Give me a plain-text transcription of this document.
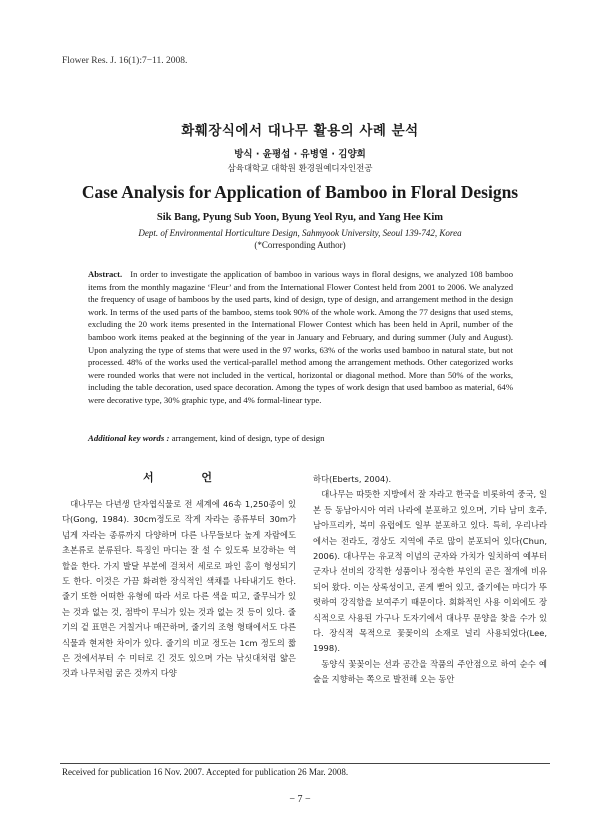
Flower Res. J. 16(1):7−11. 2008.
화훼장식에서 대나무 활용의 사례 분석
방식 · 윤평섭 · 유병열 · 김양희
삼육대학교 대학원 환경원예디자인전공
Case Analysis for Application of Bamboo in Floral Designs
Sik Bang, Pyung Sub Yoon, Byung Yeol Ryu, and Yang Hee Kim
Dept. of Environmental Horticulture Design, Sahmyook University, Seoul 139-742, Korea
(*Corresponding Author)
Abstract. In order to investigate the application of bamboo in various ways in floral designs, we analyzed 108 bamboo items from the monthly magazine ‘Fleur’ and from the International Flower Contest held from 2001 to 2006. We analyzed the frequency of usage of bamboos by the used parts, kind of design, type of design, and arrangement method in the design work. In terms of the used parts of the bamboo, stems took 90% of the whole work. Among the 77 designs that used stems, excluding the 20 work items presented in the International Flower Contest which has been held in April, number of the bamboo work items peaked at the beginning of the year in January and February, and during summer (July and August). Upon analyzing the type of stems that were used in the 97 works, 63% of the works used bamboo in natural state, but not processed. 48% of the works used the vertical-parallel method among the arrangement methods. Other categorized works were rounded works that were not included in the vertical, horizontal or diagonal method. More than 50% of the works, including the table decoration, used space decoration. Among the types of work design that used bamboo as material, 64% were decorative type, 30% graphic type, and 4% formal-linear type.
Additional key words : arrangement, kind of design, type of design
서 언

대나무는 다년생 단자엽식물로 전 세계에 46속 1,250종이 있다(Gong, 1984). 30cm정도로 작게 자라는 종류부터 30m가 넘게 자라는 종류까지 다양하며 다른 나무들보다 높게 자람에도 초본류로 분류된다. 특징인 마디는 잘 설 수 있도록 보강하는 역할을 한다. 가지 발달 부분에 걸쳐서 세로로 파인 홈이 형성되기도 한다. 이것은 가끔 화려한 장식적인 색채를 나타내기도 한다. 줄기 또한 어떠한 유형에 따라 서로 다른 색을 띠고, 줄무늬가 있는 것과 없는 것, 점박이 무늬가 있는 것과 없는 것 등이 있다. 줄기의 겉 표면은 거칠거나 매끈하며, 줄기의 조형 형태에서도 다른 식물과 현저한 차이가 있다. 줄기의 비교 정도는 1cm 정도의 짧은 것에서부터 수 미터로 긴 것도 있으며 가는 낚싯대처럼 얇은 것과 나무처럼 굵은 것까지 다양

하다(Eberts, 2004).

대나무는 따뜻한 지방에서 잘 자라고 한국을 비롯하여 중국, 일본 등 동남아시아 여러 나라에 분포하고 있으며, 기타 남미 호주, 남아프리카, 북미 유럽에도 일부 분포하고 있다. 특히, 우리나라에서는 전라도, 경상도 지역에 주로 많이 분포되어 있다(Chun, 2006). 대나무는 유교적 이념의 군자와 가치가 일치하여 예부터 군자나 선비의 강직한 성품이나 정숙한 부인의 곧은 절개에 비유되어 왔다. 이는 상록성이고, 곧게 뻗어 있고, 줄기에는 마디가 뚜렷하여 강직함을 보여주기 때문이다. 회화적인 사용 이외에도 장식적으로 사용된 가구나 도자기에서 대나무 문양을 찾을 수가 있다. 장식적 목적으로 꽃꽂이의 소재로 널리 사용되었다(Lee, 1998).

동양식 꽃꽂이는 선과 공간을 작품의 주안점으로 하여 순수 예술을 지향하는 쪽으로 발전해 오는 동안

Received for publication 16 Nov. 2007. Accepted for publication 26 Mar. 2008.
− 7 −
